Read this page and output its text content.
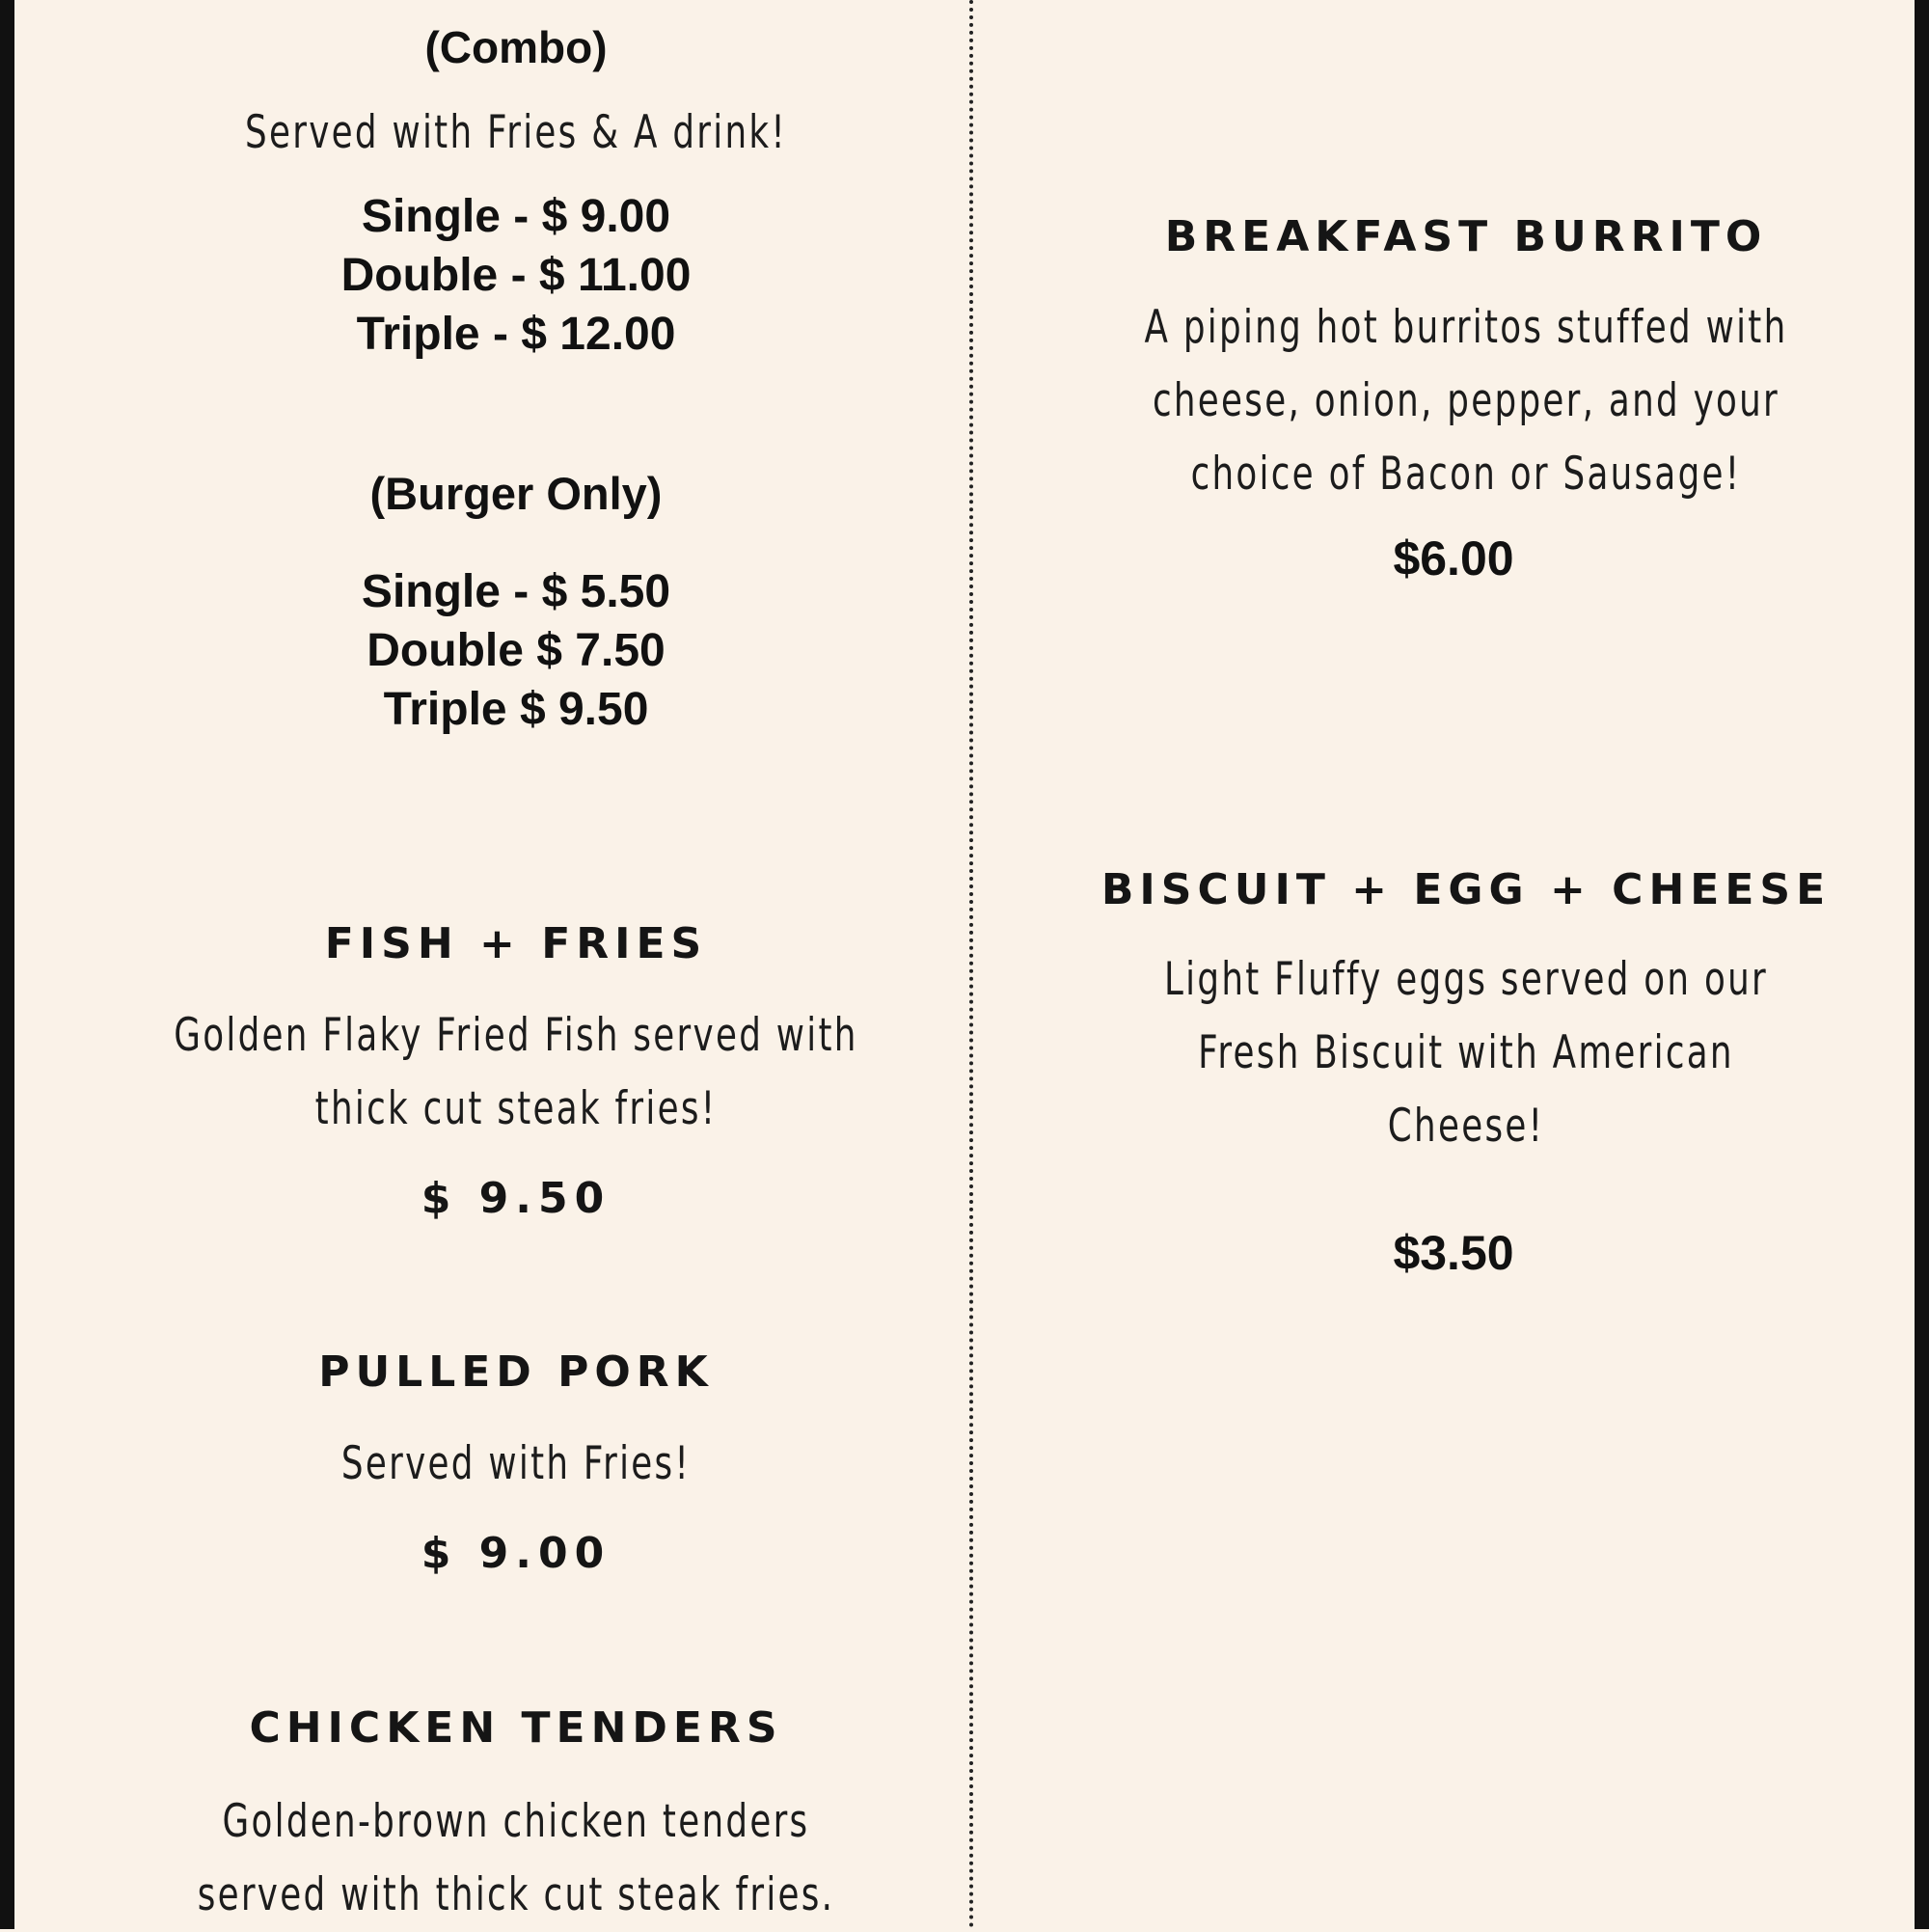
(Combo)
Served with Fries & A drink!
Single - $ 9.00
Double - $ 11.00
Triple - $ 12.00
(Burger Only)
Single - $ 5.50
Double $ 7.50
Triple $ 9.50
FISH + FRIES
Golden Flaky Fried Fish served with
thick cut steak fries!
$ 9.50
PULLED PORK
Served with Fries!
$ 9.00
CHICKEN TENDERS
Golden-brown chicken tenders
served with thick cut steak fries.
BREAKFAST BURRITO
A piping hot burritos stuffed with
cheese, onion, pepper, and your
choice of Bacon or Sausage!
$6.00
BISCUIT + EGG + CHEESE
Light Fluffy eggs served on our
Fresh Biscuit with American
Cheese!
$3.50
